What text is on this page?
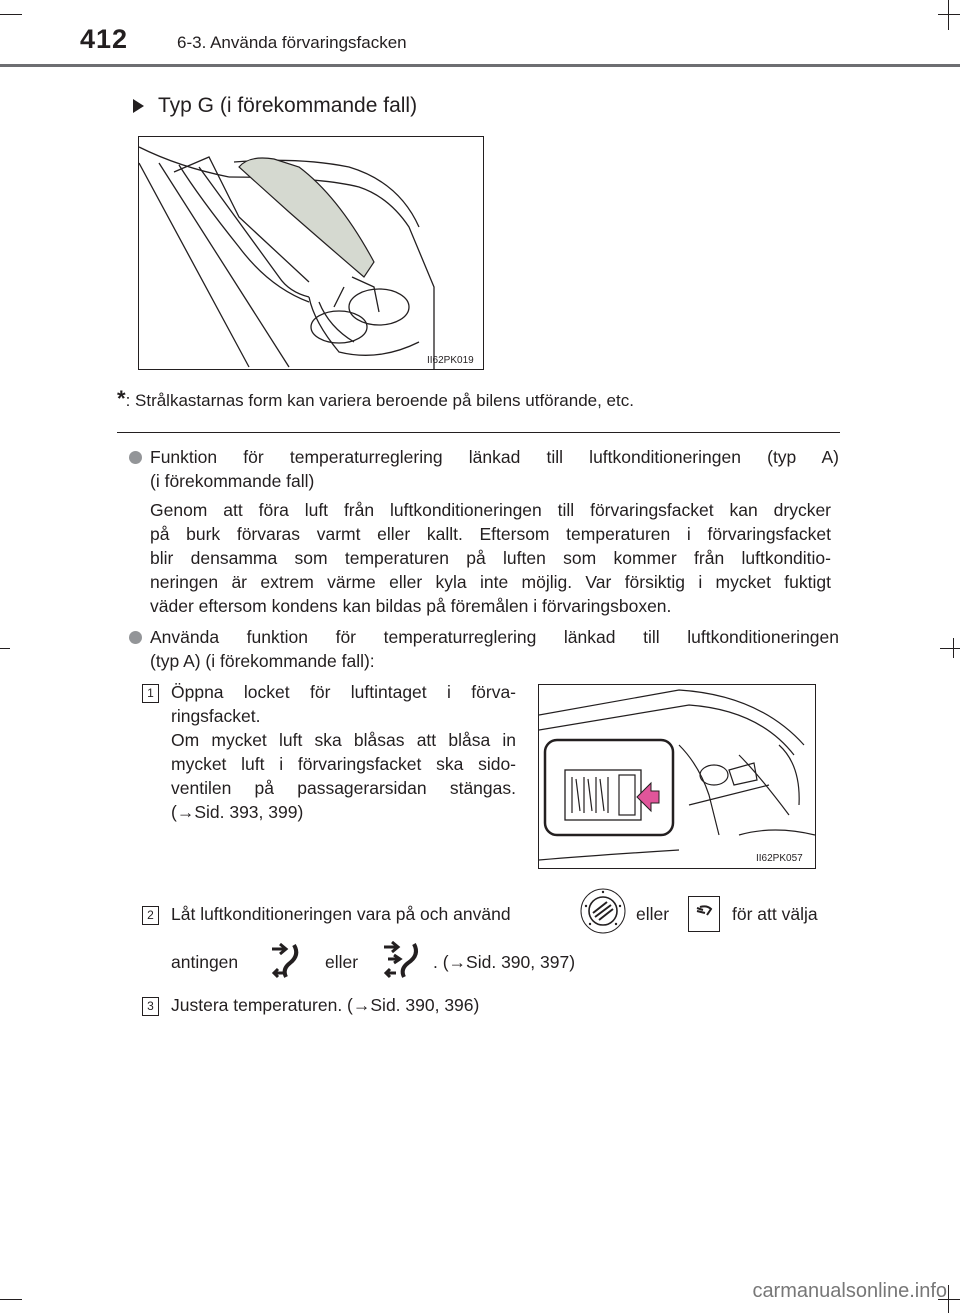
412	6-3. Använda förvaringsfacken
Typ G (i förekommande fall)
II62PK019
*: Strålkastarnas form kan variera beroende på bilens utförande, etc.
Funktion för temperaturreglering länkad till luftkonditioneringen (typ A)
(i förekommande fall)
Genom att föra luft från luftkonditioneringen till förvaringsfacket kan drycker
på burk förvaras varmt eller kallt. Eftersom temperaturen i förvaringsfacket
blir densamma som temperaturen på luften som kommer från luftkonditio-
neringen är extrem värme eller kyla inte möjlig. Var försiktig i mycket fuktigt
väder eftersom kondens kan bildas på föremålen i förvaringsboxen.
Använda funktion för temperaturreglering länkad till luftkonditioneringen
(typ A) (i förekommande fall):
1 Öppna locket för luftintaget i förva-
ringsfacket.
Om mycket luft ska blåsas att blåsa in
mycket luft i förvaringsfacket ska sido-
ventilen på passagerarsidan stängas.
(→Sid. 393, 399)
II62PK057
2 Låt luftkonditioneringen vara på och använd	eller	för att välja
antingen	eller	. (→Sid. 390, 397)
3 Justera temperaturen. (→Sid. 390, 396)
carmanualsonline.info
